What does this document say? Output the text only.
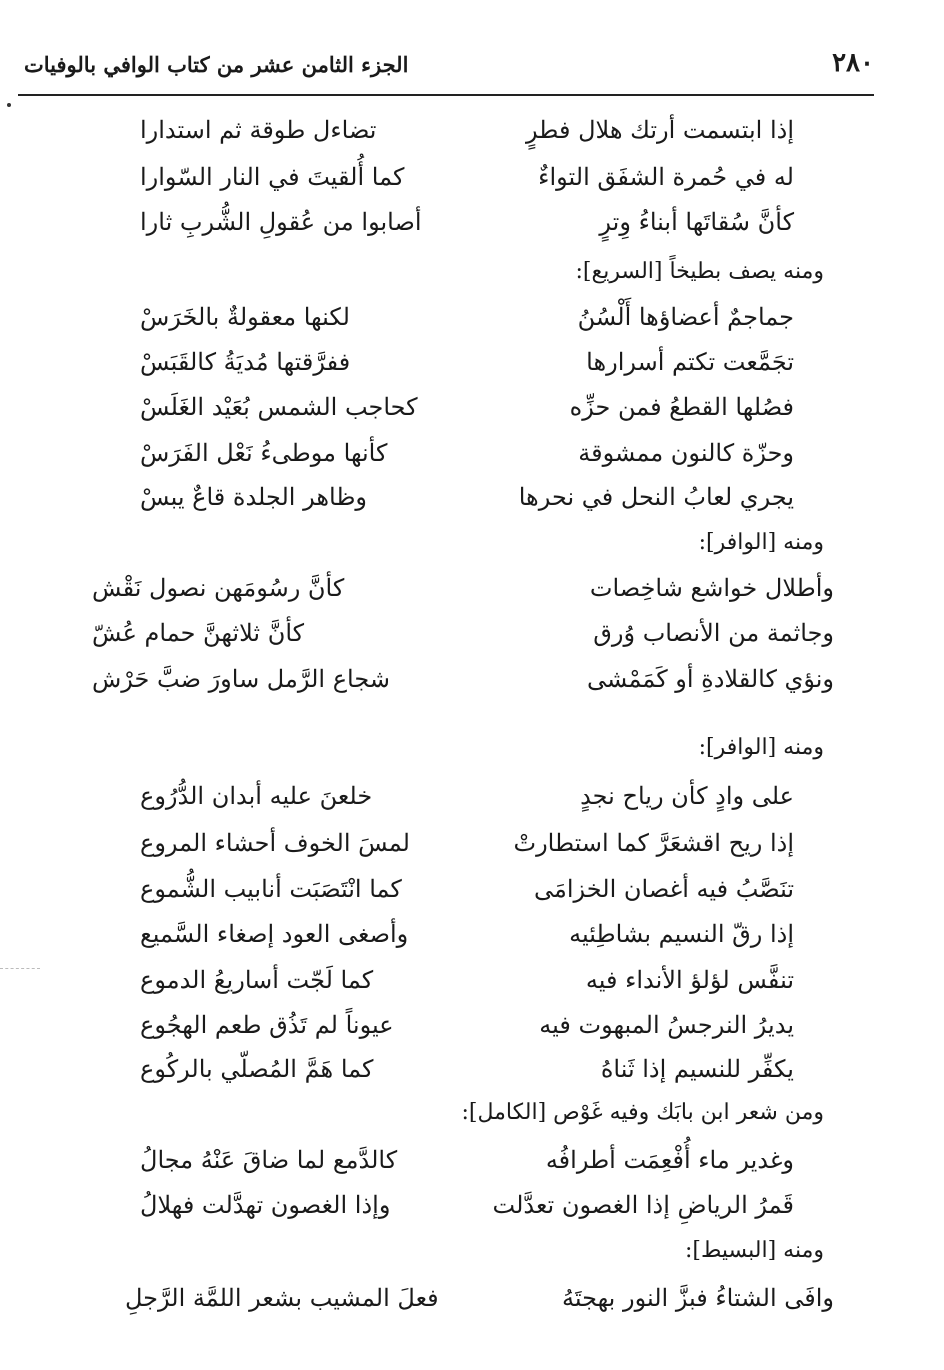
٢٨٠
الجزء الثامن عشر من كتاب الوافي بالوفيات
إذا ابتسمت أرتك هلال فطرٍ
تضاءل طوقة ثم استدارا
له في حُمرة الشفَق التواءٌ
كما أُلقيتَ في النار السّوارا
كأنَّ سُقاتَها أبناءُ وِترٍ
أصابوا من عُقولِ الشُّربِ ثارا
ومنه يصف بطيخاً [السريع]:
جماجمٌ أعضاؤها أَلْسُنُ
لكنها معقولةٌ بالخَرَسْ
تجَمَّعت تكتم أسرارها
ففرَّقتها مُديَةُ كالقَبَسْ
فصُلها القطعُ فمن حزِّه
كحاجب الشمس بُعَيْد الغَلَسْ
وحزّة كالنون ممشوقة
كأنها موطىءُ نَعْل الفَرَسْ
يجري لعابُ النحل في نحرها
وظاهر الجلدة قاعٌ يبسْ
ومنه [الوافر]:
وأطلال خواشع شاخِصات
كأنَّ رسُومَهن نصول نَقْش
وجاثمة من الأنصاب وُرق
كأنَّ ثلاثهنَّ حمام عُشّ
ونؤي كالقلادةِ أو كَمَمْشى
شجاع الرَّمل ساورَ ضبَّ حَرْش
ومنه [الوافر]:
على وادٍ كأن رياح نجدٍ
خلعنَ عليه أبدان الدُّرُوع
إذا ريح اقشعَرَّ كما استطارتْ
لمسَ الخوف أحشاء المروع
تنَصَّبُ فيه أغصان الخزامَى
كما انْتَصَبَت أنابيب الشُّموع
إذا رقّ النسيم بشاطِئيه
وأصغى العود إصغاء السَّميع
تنفَّس لؤلؤ الأنداء فيه
كما لَجّت أساريعُ الدموع
يديرُ النرجسُ المبهوت فيه
عيوناً لم تَذُق طعم الهجُوع
يكفِّر للنسيم إذا ثَناهُ
كما هَمَّ المُصلّي بالركُوع
ومن شعر ابن بابَك وفيه غَوْص [الكامل]:
وغدير ماء أُفْعِمَت أطرافُه
كالدَّمع لما ضاقَ عَنْهُ مجالُ
قَمرُ الرياضِ إذا الغصون تعدَّلت
وإذا الغصون تهدَّلت فهلالُ
ومنه [البسيط]:
وافَى الشتاءُ فبزَّ النور بهجتَهُ
فعلَ المشيب بشعر اللمَّة الرَّجلِ
